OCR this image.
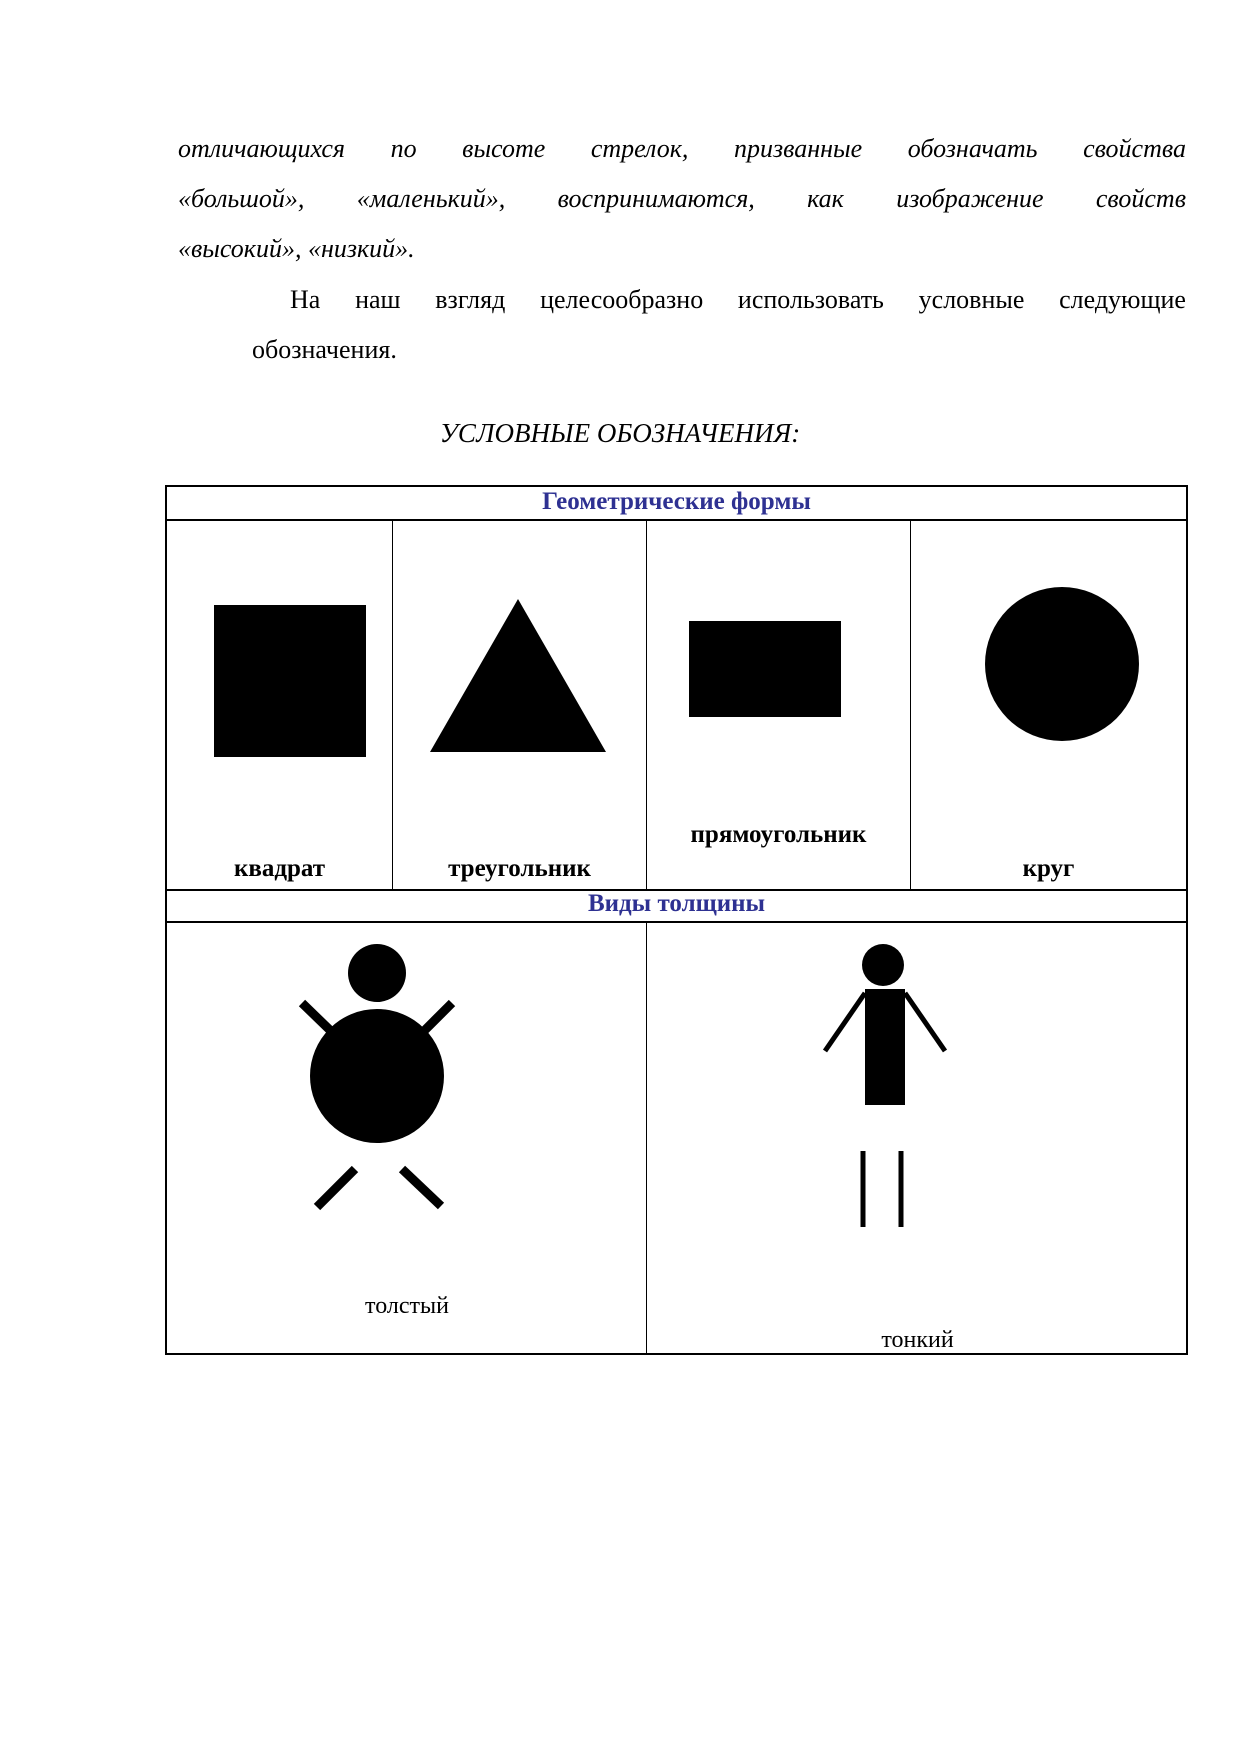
отличающихся по высоте стрелок, призванные обозначать свойства
«большой», «маленький», воспринимаются, как изображение свойств
«высокий», «низкий».
На наш взгляд целесообразно использовать условные следующие
обозначения.
УСЛОВНЫЕ ОБОЗНАЧЕНИЯ:
Геометрические формы
Виды толщины
квадрат	треугольник
прямоугольник
круг
толстый
тонкий
